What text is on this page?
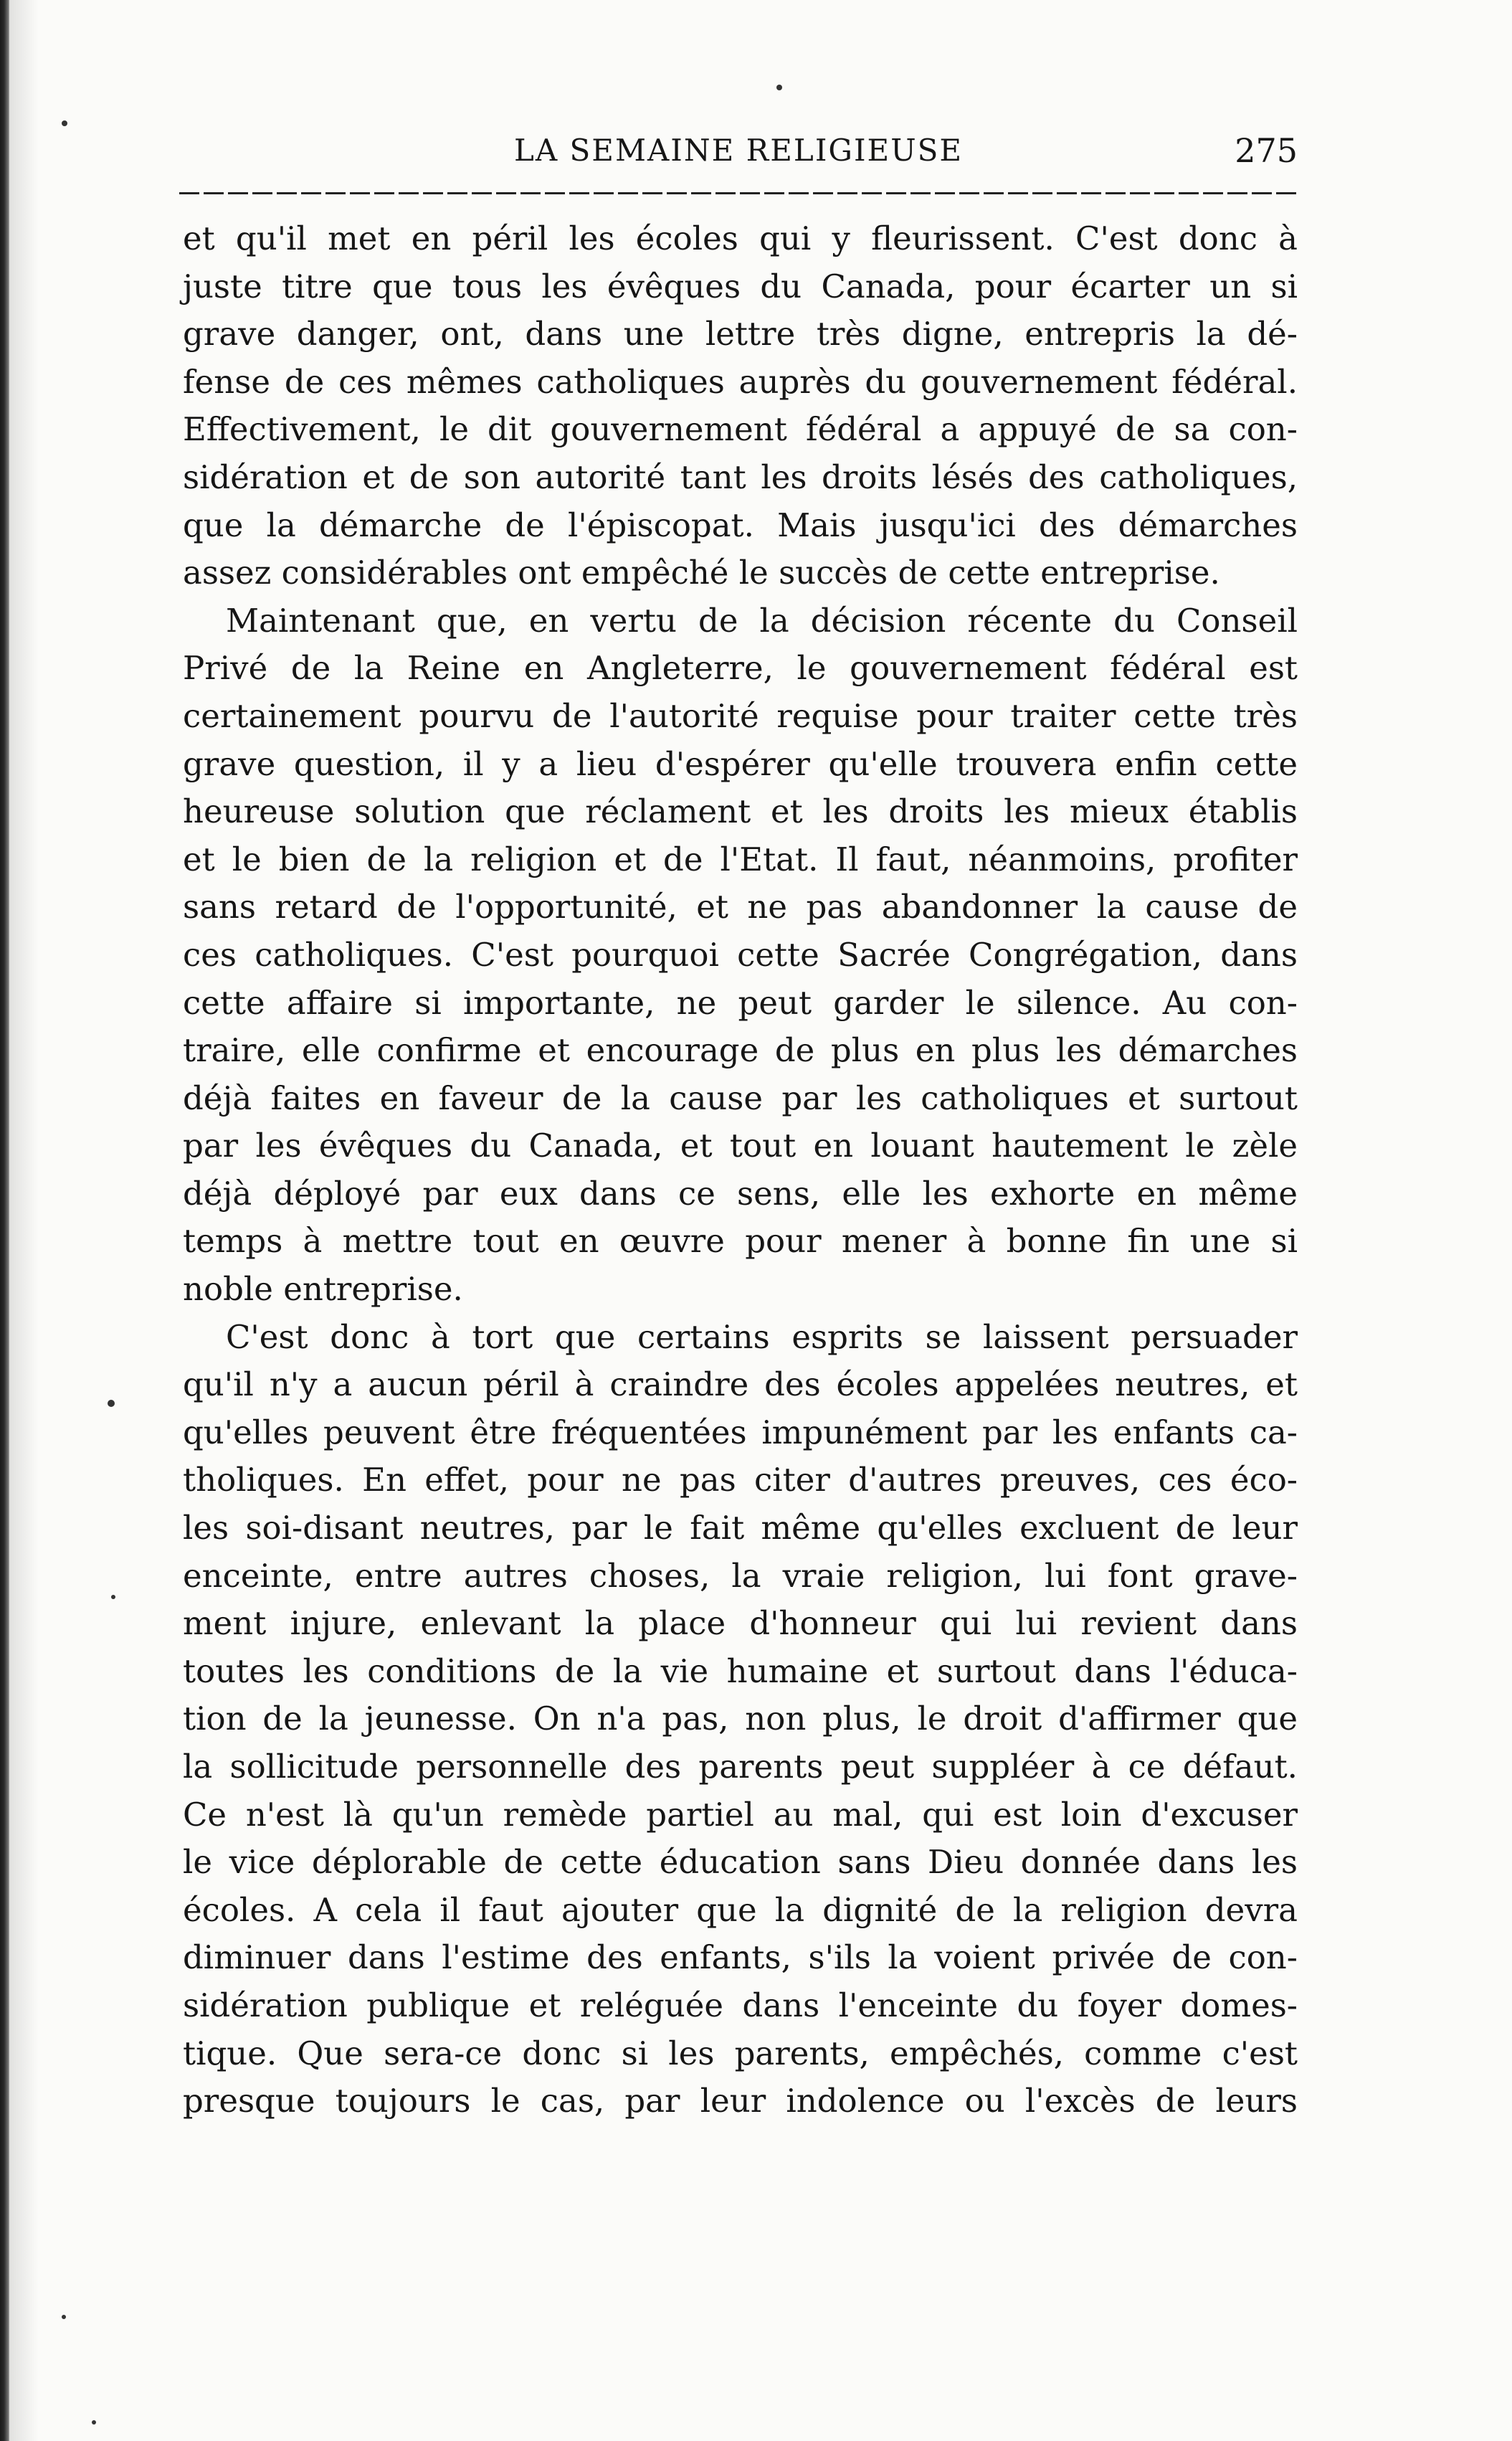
LA SEMAINE RELIGIEUSE	275
et qu'il met en péril les écoles qui y fleurissent. C'est donc à
juste titre que tous les évêques du Canada, pour écarter un si
grave danger, ont, dans une lettre très digne, entrepris la dé-
fense de ces mêmes catholiques auprès du gouvernement fédéral.
Effectivement, le dit gouvernement fédéral a appuyé de sa con-
sidération et de son autorité tant les droits lésés des catholiques,
que la démarche de l'épiscopat. Mais jusqu'ici des démarches
assez considérables ont empêché le succès de cette entreprise.
Maintenant que, en vertu de la décision récente du Conseil
Privé de la Reine en Angleterre, le gouvernement fédéral est
certainement pourvu de l'autorité requise pour traiter cette très
grave question, il y a lieu d'espérer qu'elle trouvera enfin cette
heureuse solution que réclament et les droits les mieux établis
et le bien de la religion et de l'Etat. Il faut, néanmoins, profiter
sans retard de l'opportunité, et ne pas abandonner la cause de
ces catholiques. C'est pourquoi cette Sacrée Congrégation, dans
cette affaire si importante, ne peut garder le silence. Au con-
traire, elle confirme et encourage de plus en plus les démarches
déjà faites en faveur de la cause par les catholiques et surtout
par les évêques du Canada, et tout en louant hautement le zèle
déjà déployé par eux dans ce sens, elle les exhorte en même
temps à mettre tout en œuvre pour mener à bonne fin une si
noble entreprise.
C'est donc à tort que certains esprits se laissent persuader
qu'il n'y a aucun péril à craindre des écoles appelées neutres, et
qu'elles peuvent être fréquentées impunément par les enfants ca-
tholiques. En effet, pour ne pas citer d'autres preuves, ces éco-
les soi-disant neutres, par le fait même qu'elles excluent de leur
enceinte, entre autres choses, la vraie religion, lui font grave-
ment injure, enlevant la place d'honneur qui lui revient dans
toutes les conditions de la vie humaine et surtout dans l'éduca-
tion de la jeunesse. On n'a pas, non plus, le droit d'affirmer que
la sollicitude personnelle des parents peut suppléer à ce défaut.
Ce n'est là qu'un remède partiel au mal, qui est loin d'excuser
le vice déplorable de cette éducation sans Dieu donnée dans les
écoles. A cela il faut ajouter que la dignité de la religion devra
diminuer dans l'estime des enfants, s'ils la voient privée de con-
sidération publique et reléguée dans l'enceinte du foyer domes-
tique. Que sera-ce donc si les parents, empêchés, comme c'est
presque toujours le cas, par leur indolence ou l'excès de leurs
